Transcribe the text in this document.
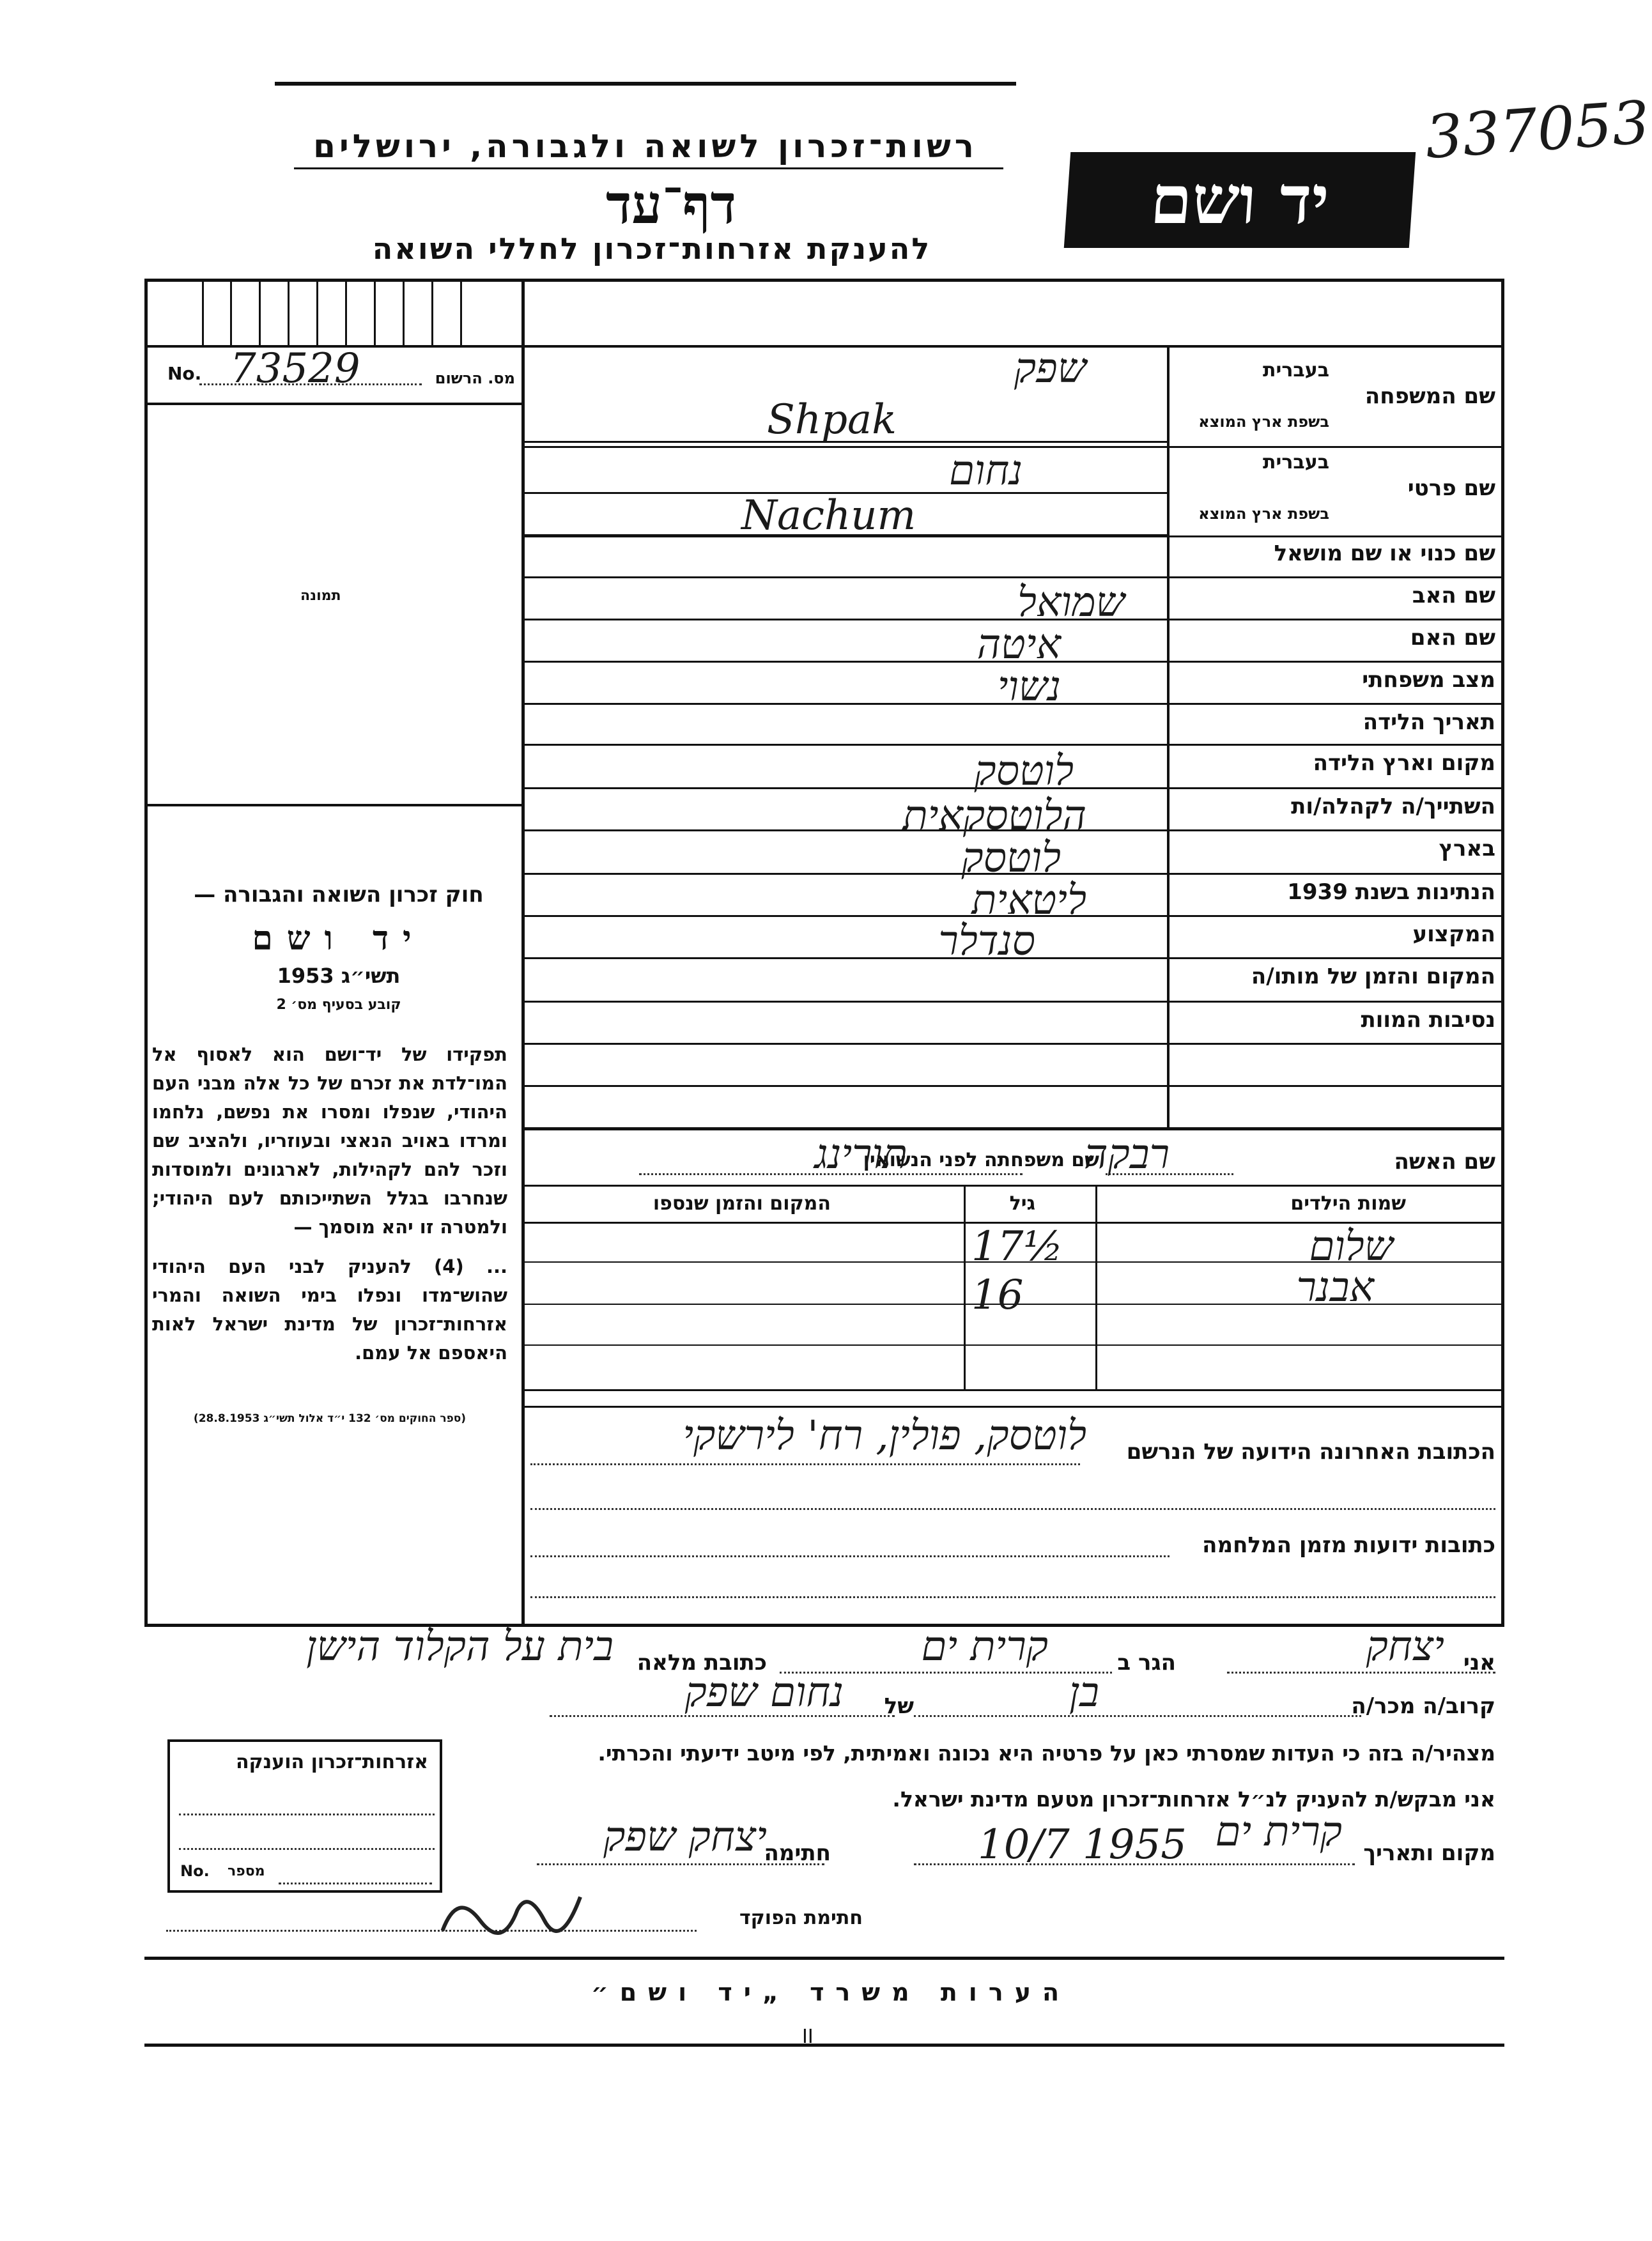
337053
רשות־זכרון לשואה ולגבורה, ירושלים
דף־עד
להענקת אזרחות־זכרון לחללי השואה
יד ושם
No. 73529	מס. הרשום
תמונה
חוק זכרון השואה והגבורה —
יד ושם
תשי״ג 1953
קובע בסעיף מס׳ 2
תפקידו של יד־ושם הוא לאסוף אל המו־לדת את זכרם של כל אלה מבני העם היהודי, שנפלו ומסרו את נפשם, נלחמו ומרדו באויב הנאצי ובעוזריו, ולהציב שם וזכר להם לקהילות, לארגונים ולמוסדות שנחרבו בגלל השתייכותם לעם היהודי; ולמטרה זו יהא מוסמך —
... (4) להעניק לבני העם היהודי שהוש־מדו ונפלו בימי השואה והמרי אזרחות־זכרון של מדינת ישראל לאות היאספם אל עמם.
(ספר החוקים מס׳ 132 י״ד אלול תשי״ג 28.8.1953)
שם המשפחה
בעברית
בשפת ארץ המוצא
שפק
Shpak
שם פרטי
בעברית
בשפת ארץ המוצא
נחום
Nachum
שם כנוי או שם מושאל
שם האב
שמואל
שם האם
איטה
מצב משפחתי
נשוי
תאריך הלידה
מקום וארץ הלידה
לוטסק
השתייך/ה לקהלה/ות
הלוטסקאית
בארץ
לוטסק
הנתינות בשנת 1939
ליטאית
המקצוע
סנדלר
המקום והזמן של מותו/ה
נסיבות המוות
שם האשה
רבקה
שם משפחתה לפני הנשואין
תורינג
שמות הילדים
גיל
המקום והזמן שנספו
שלום
17½
אבנר
16
הכתובת האחרונה הידועה של הנרשם
לוטסק, פולין, רח' לירשקי
כתובות ידועות מזמן המלחמה
אני
יצחק
הגר ב
קרית ים
כתובת מלאה
בית על הקלוד הישן
קרוב/ה מכר/ה
בן
של
נחום שפק
מצהיר/ה בזה כי העדות שמסרתי כאן על פרטיה היא נכונה ואמיתית, לפי מיטב ידיעתי והכרתי.
אני מבקש/ת להעניק לנ״ל אזרחות־זכרון מטעם מדינת ישראל.
מקום ותאריך
קרית ים
10/7 1955
חתימה
יצחק שפק
חתימת הפוקד
אזרחות־זכרון הוענקה
No. מספר
הערות משרד „יד ושם״
II
